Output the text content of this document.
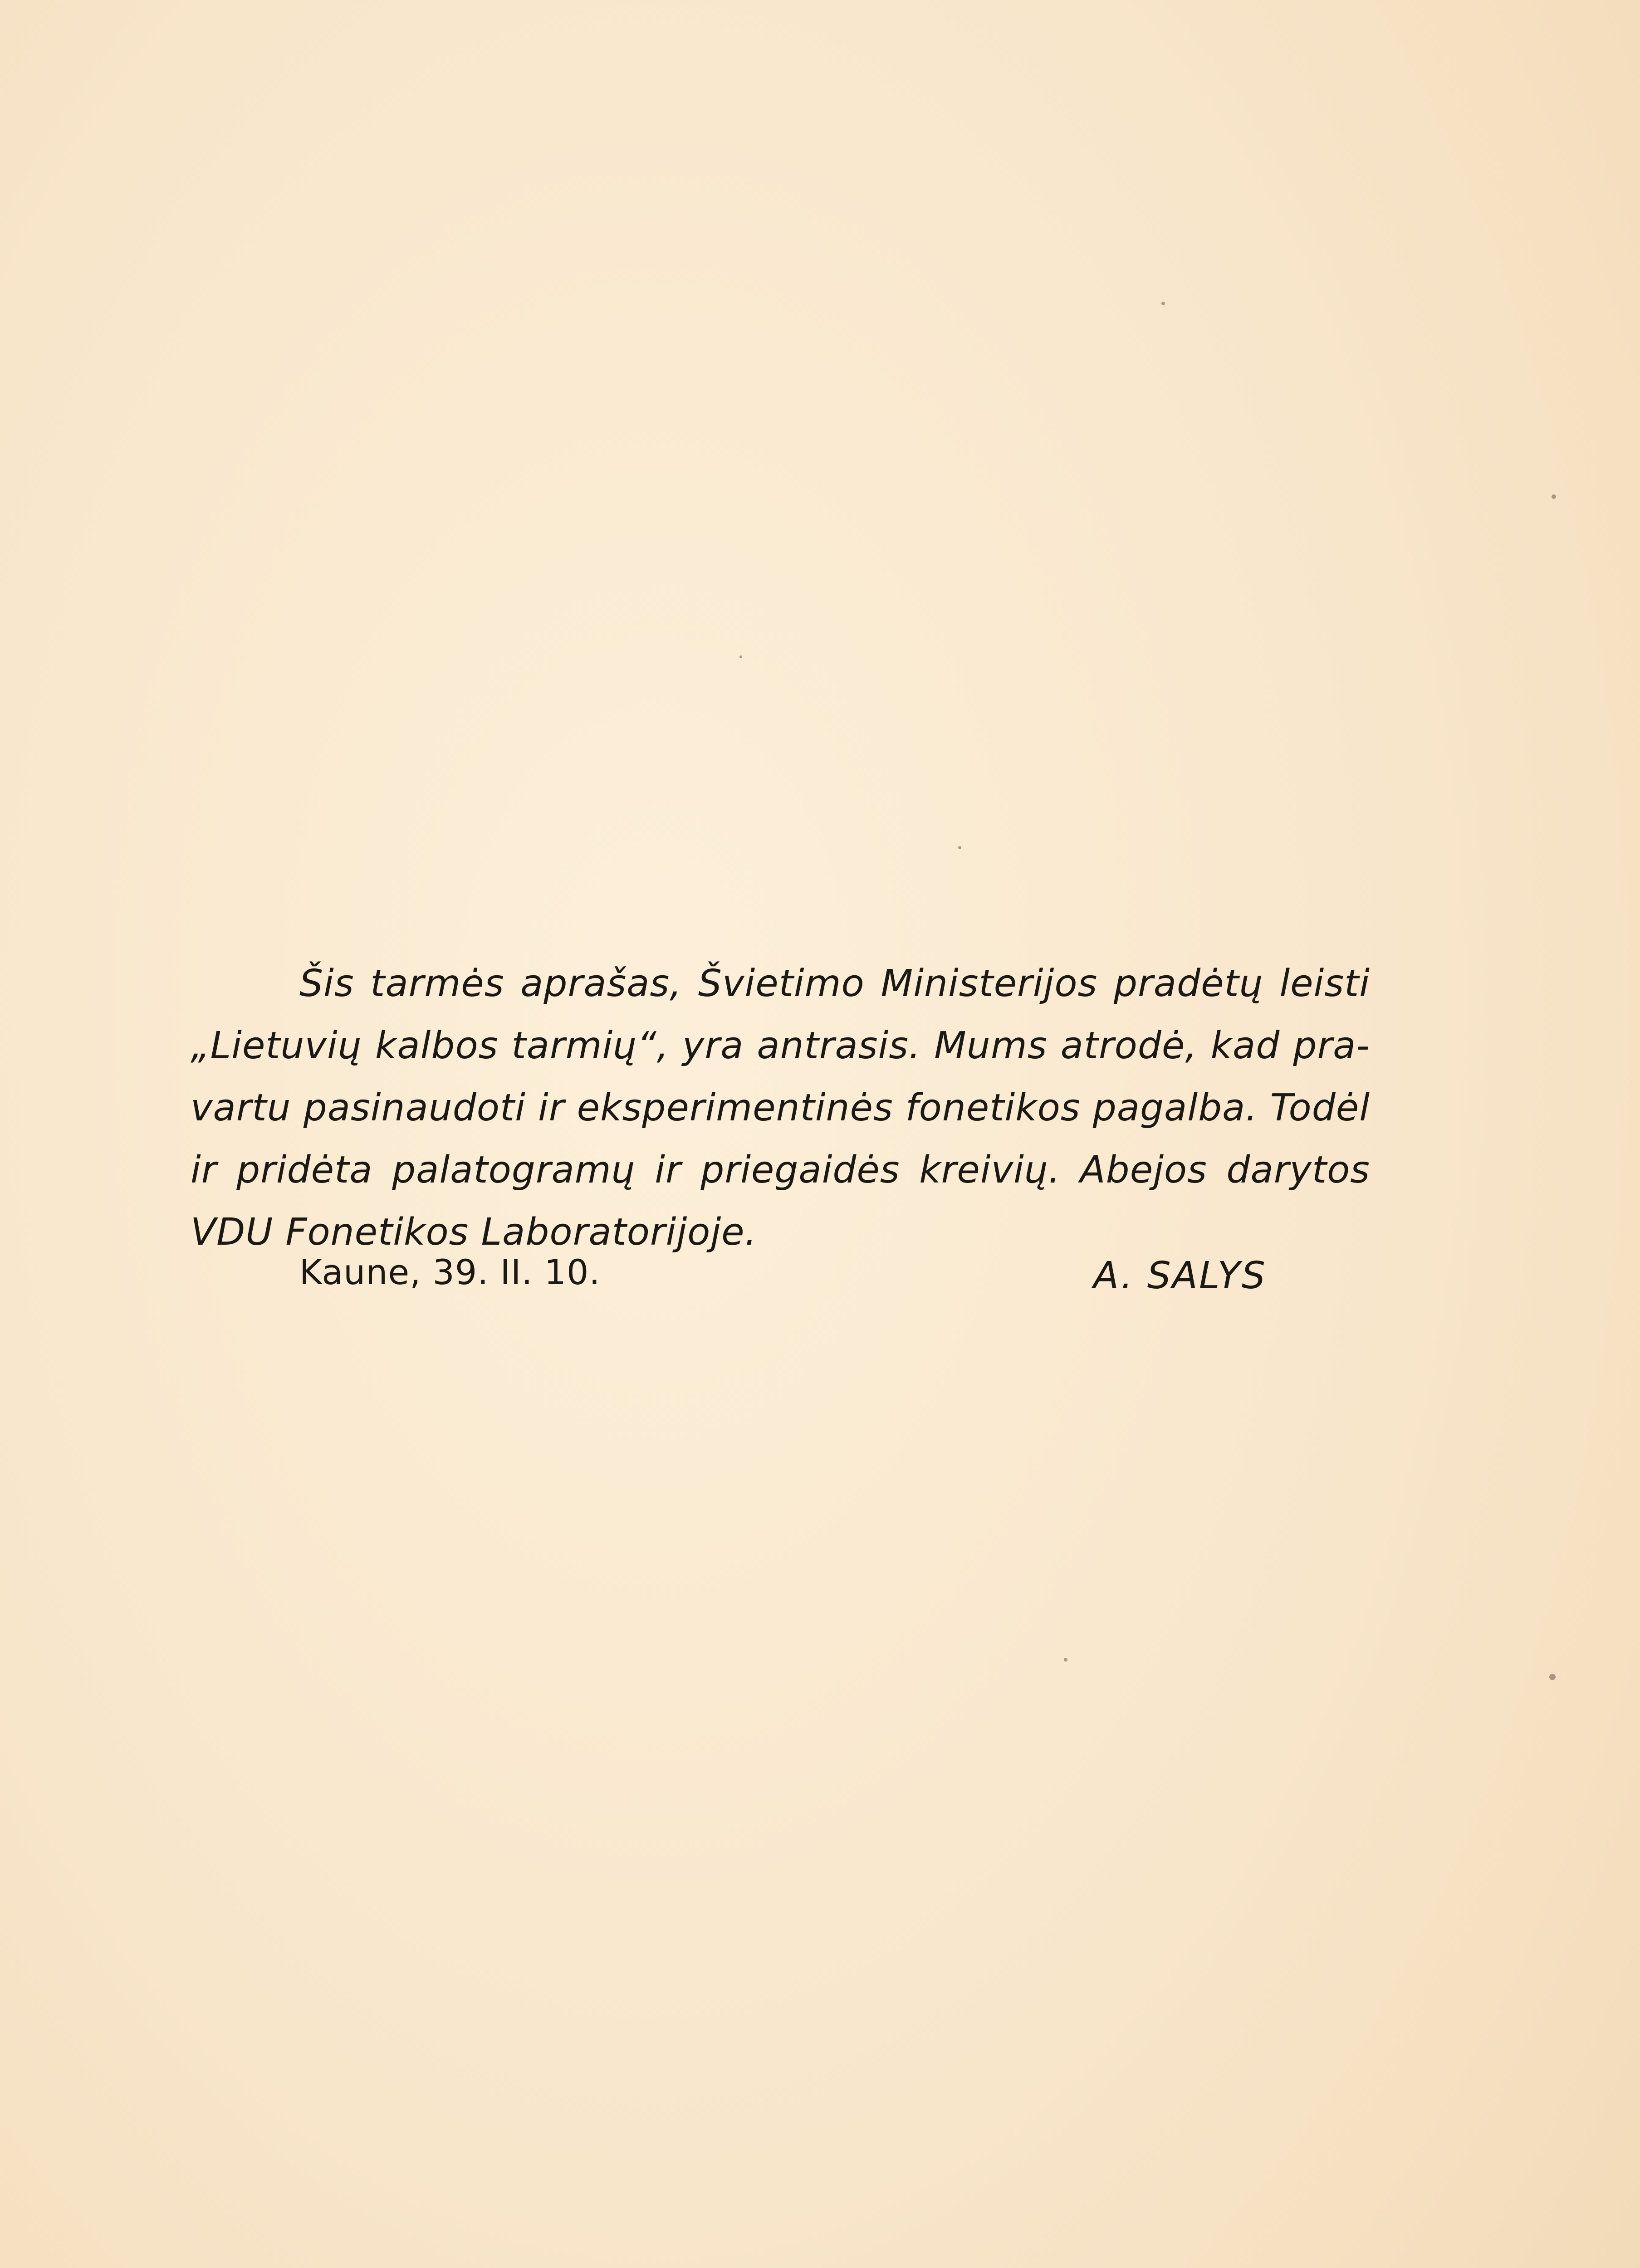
Šis tarmės aprašas, Švietimo Ministerijos pradėtų leisti
„Lietuvių kalbos tarmių“, yra antrasis. Mums atrodė, kad pra-
vartu pasinaudoti ir eksperimentinės fonetikos pagalba. Todėl
ir pridėta palatogramų ir priegaidės kreivių. Abejos darytos
VDU Fonetikos Laboratorijoje.
Kaune, 39. II. 10.	A. SALYS
